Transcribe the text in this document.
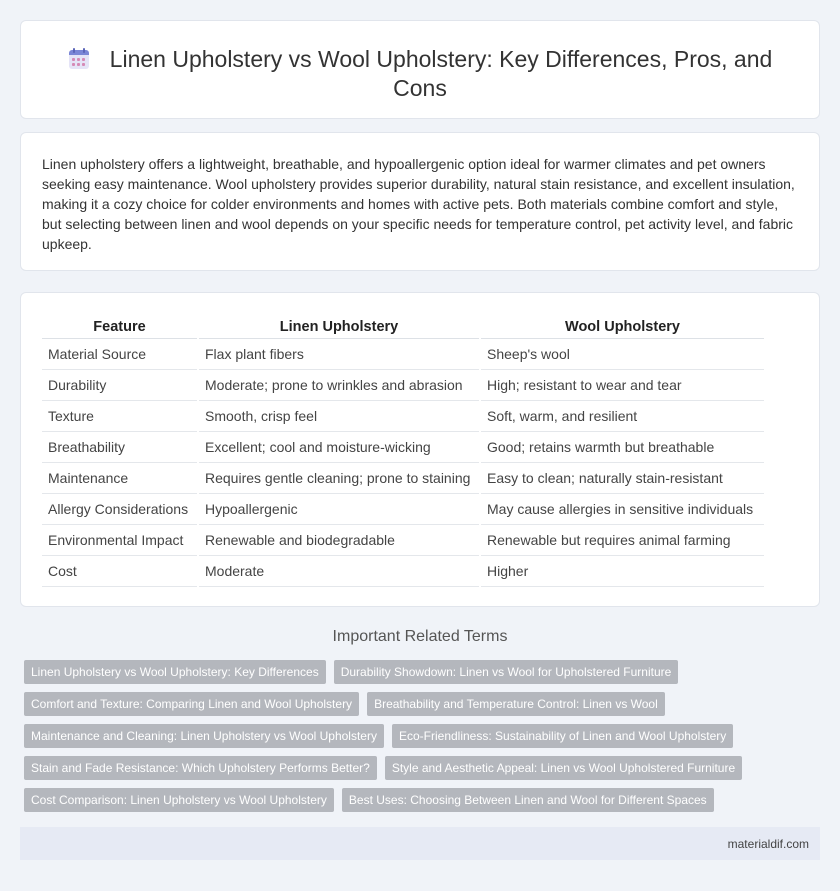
Linen Upholstery vs Wool Upholstery: Key Differences, Pros, and Cons

Linen upholstery offers a lightweight, breathable, and hypoallergenic option ideal for warmer climates and pet owners seeking easy maintenance. Wool upholstery provides superior durability, natural stain resistance, and excellent insulation, making it a cozy choice for colder environments and homes with active pets. Both materials combine comfort and style, but selecting between linen and wool depends on your specific needs for temperature control, pet activity level, and fabric upkeep.

Feature	Linen Upholstery	Wool Upholstery
Material Source	Flax plant fibers	Sheep's wool
Durability	Moderate; prone to wrinkles and abrasion	High; resistant to wear and tear
Texture	Smooth, crisp feel	Soft, warm, and resilient
Breathability	Excellent; cool and moisture-wicking	Good; retains warmth but breathable
Maintenance	Requires gentle cleaning; prone to staining	Easy to clean; naturally stain-resistant
Allergy Considerations	Hypoallergenic	May cause allergies in sensitive individuals
Environmental Impact	Renewable and biodegradable	Renewable but requires animal farming
Cost	Moderate	Higher
Important Related Terms
Linen Upholstery vs Wool Upholstery: Key Differences Durability Showdown: Linen vs Wool for Upholstered Furniture
Comfort and Texture: Comparing Linen and Wool Upholstery Breathability and Temperature Control: Linen vs Wool
Maintenance and Cleaning: Linen Upholstery vs Wool Upholstery Eco-Friendliness: Sustainability of Linen and Wool Upholstery
Stain and Fade Resistance: Which Upholstery Performs Better? Style and Aesthetic Appeal: Linen vs Wool Upholstered Furniture
Cost Comparison: Linen Upholstery vs Wool Upholstery Best Uses: Choosing Between Linen and Wool for Different Spaces
materialdif.com
